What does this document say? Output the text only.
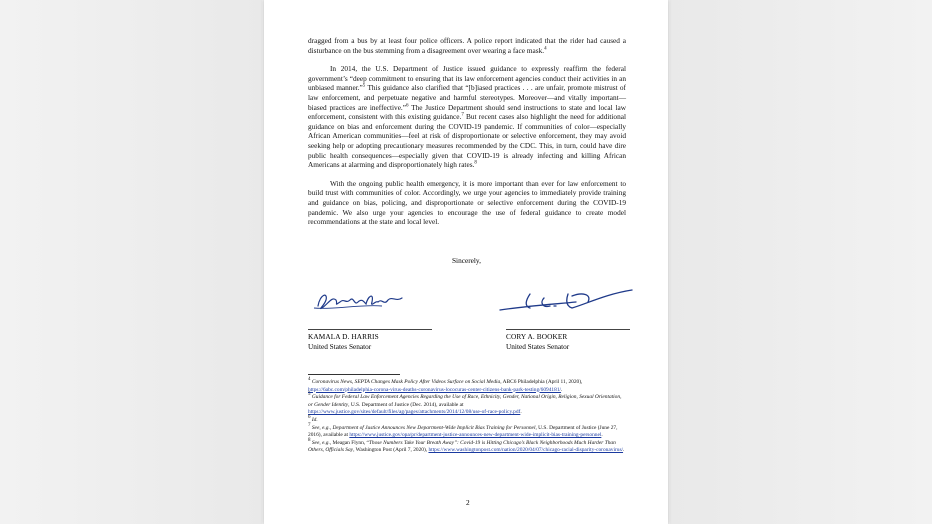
dragged from a bus by at least four police officers. A police report indicated that the rider had caused a disturbance on the bus stemming from a disagreement over wearing a face mask.$^4$

In 2014, the U.S. Department of Justice issued guidance to expressly reaffirm the federal government’s “deep commitment to ensuring that its law enforcement agencies conduct their activities in an unbiased manner.”$^5$ This guidance also clarified that “[b]iased practices . . . are unfair, promote mistrust of law enforcement, and perpetuate negative and harmful stereotypes. Moreover—and vitally important—biased practices are ineffective.”$^6$ The Justice Department should send instructions to state and local law enforcement, consistent with this existing guidance.$^7$ But recent cases also highlight the need for additional guidance on bias and enforcement during the COVID-19 pandemic. If communities of color—especially African American communities—feel at risk of disproportionate or selective enforcement, they may avoid seeking help or adopting precautionary measures recommended by the CDC. This, in turn, could have dire public health consequences—especially given that COVID-19 is already infecting and killing African Americans at alarming and disproportionately high rates.$^8$

With the ongoing public health emergency, it is more important than ever for law enforcement to build trust with communities of color. Accordingly, we urge your agencies to immediately provide training and guidance on bias, policing, and disproportionate or selective enforcement during the COVID-19 pandemic. We also urge your agencies to encourage the use of federal guidance to create model recommendations at the state and local level.

Sincerely,
KAMALA D. HARRIS
United States Senator
CORY A. BOOKER
United States Senator

$^4$ Coronavirus News, SEPTA Changes Mask Policy After Videos Surface on Social Media, ABC6 Philadelphia (April 11, 2020), https://6abc.com/philadelphia-corona-virus-deaths-coronavirus-lococuras-center-citizens-bank-park-testing/6094181/.

$^5$ Guidance for Federal Law Enforcement Agencies Regarding the Use of Race, Ethnicity, Gender, National Origin, Religion, Sexual Orientation, or Gender Identity, U.S. Department of Justice (Dec. 2014), available at https://www.justice.gov/sites/default/files/ag/pages/attachments/2014/12/08/use-of-race-policy.pdf.

$^6$ Id.

$^7$ See, e.g., Department of Justice Announces New Department-Wide Implicit Bias Training for Personnel, U.S. Department of Justice (June 27, 2016), available at https://www.justice.gov/opa/pr/department-justice-announces-new-department-wide-implicit-bias-training-personnel.

$^8$ See, e.g., Meagan Flynn, “Those Numbers Take Your Breath Away”: Covid-19 is Hitting Chicago’s Black Neighborhoods Much Harder Than Others, Officials Say, Washington Post (April 7, 2020), https://www.washingtonpost.com/nation/2020/04/07/chicago-racial-disparity-coronavirus/.

2
